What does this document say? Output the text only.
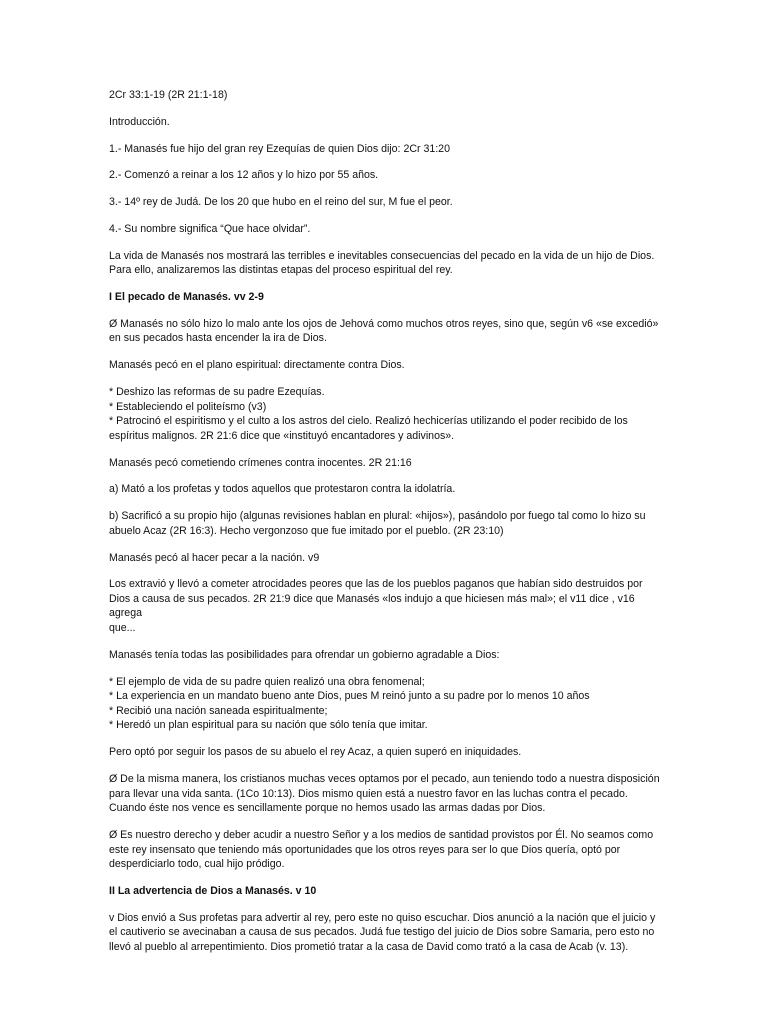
2Cr 33:1-19 (2R 21:1-18)

Introducción.

1.- Manasés fue hijo del gran rey Ezequías de quien Dios dijo: 2Cr 31:20

2.- Comenzó a reinar a los 12 años y lo hizo por 55 años.

3.- 14º rey de Judá. De los 20 que hubo en el reino del sur, M fue el peor.

4.- Su nombre significa “Que hace olvidar”.

La vida de Manasés nos mostrará las terribles e inevitables consecuencias del pecado en la vida de un hijo de Dios.
Para ello, analizaremos las distintas etapas del proceso espiritual del rey.

I El pecado de Manasés. vv 2-9

Ø Manasés no sólo hizo lo malo ante los ojos de Jehová como muchos otros reyes, sino que, según v6 «se excedió»
en sus pecados hasta encender la ira de Dios.

Manasés pecó en el plano espiritual: directamente contra Dios.

* Deshizo las reformas de su padre Ezequías.
* Estableciendo el politeísmo (v3)
* Patrocinó el espiritismo y el culto a los astros del cielo. Realizó hechicerías utilizando el poder recibido de los
espíritus malignos. 2R 21:6 dice que «instituyó encantadores y adivinos».

Manasés pecó cometiendo crímenes contra inocentes. 2R 21:16

a) Mató a los profetas y todos aquellos que protestaron contra la idolatría.

b) Sacrificó a su propio hijo (algunas revisiones hablan en plural: «hijos»), pasándolo por fuego tal como lo hizo su
abuelo Acaz (2R 16:3). Hecho vergonzoso que fue imitado por el pueblo. (2R 23:10)

Manasés pecó al hacer pecar a la nación. v9

Los extravió y llevó a cometer atrocidades peores que las de los pueblos paganos que habían sido destruidos por
Dios a causa de sus pecados. 2R 21:9 dice que Manasés «los indujo a que hiciesen más mal»; el v11 dice , v16 agrega
que...

Manasés tenía todas las posibilidades para ofrendar un gobierno agradable a Dios:

* El ejemplo de vida de su padre quien realizó una obra fenomenal;
* La experiencia en un mandato bueno ante Dios, pues M reinó junto a su padre por lo menos 10 años
* Recibió una nación saneada espiritualmente;
* Heredó un plan espiritual para su nación que sólo tenía que imitar.

Pero optó por seguir los pasos de su abuelo el rey Acaz, a quien superó en iniquidades.

Ø De la misma manera, los cristianos muchas veces optamos por el pecado, aun teniendo todo a nuestra disposición
para llevar una vida santa. (1Co 10:13). Dios mismo quien está a nuestro favor en las luchas contra el pecado.
Cuando éste nos vence es sencillamente porque no hemos usado las armas dadas por Dios.

Ø Es nuestro derecho y deber acudir a nuestro Señor y a los medios de santidad provistos por Él. No seamos como
este rey insensato que teniendo más oportunidades que los otros reyes para ser lo que Dios quería, optó por
desperdiciarlo todo, cual hijo pródigo.

II La advertencia de Dios a Manasés. v 10

v Dios envió a Sus profetas para advertir al rey, pero este no quiso escuchar. Dios anunció a la nación que el juicio y
el cautiverio se avecinaban a causa de sus pecados. Judá fue testigo del juicio de Dios sobre Samaria, pero esto no
llevó al pueblo al arrepentimiento. Dios prometió tratar a la casa de David como trató a la casa de Acab (v. 13).
